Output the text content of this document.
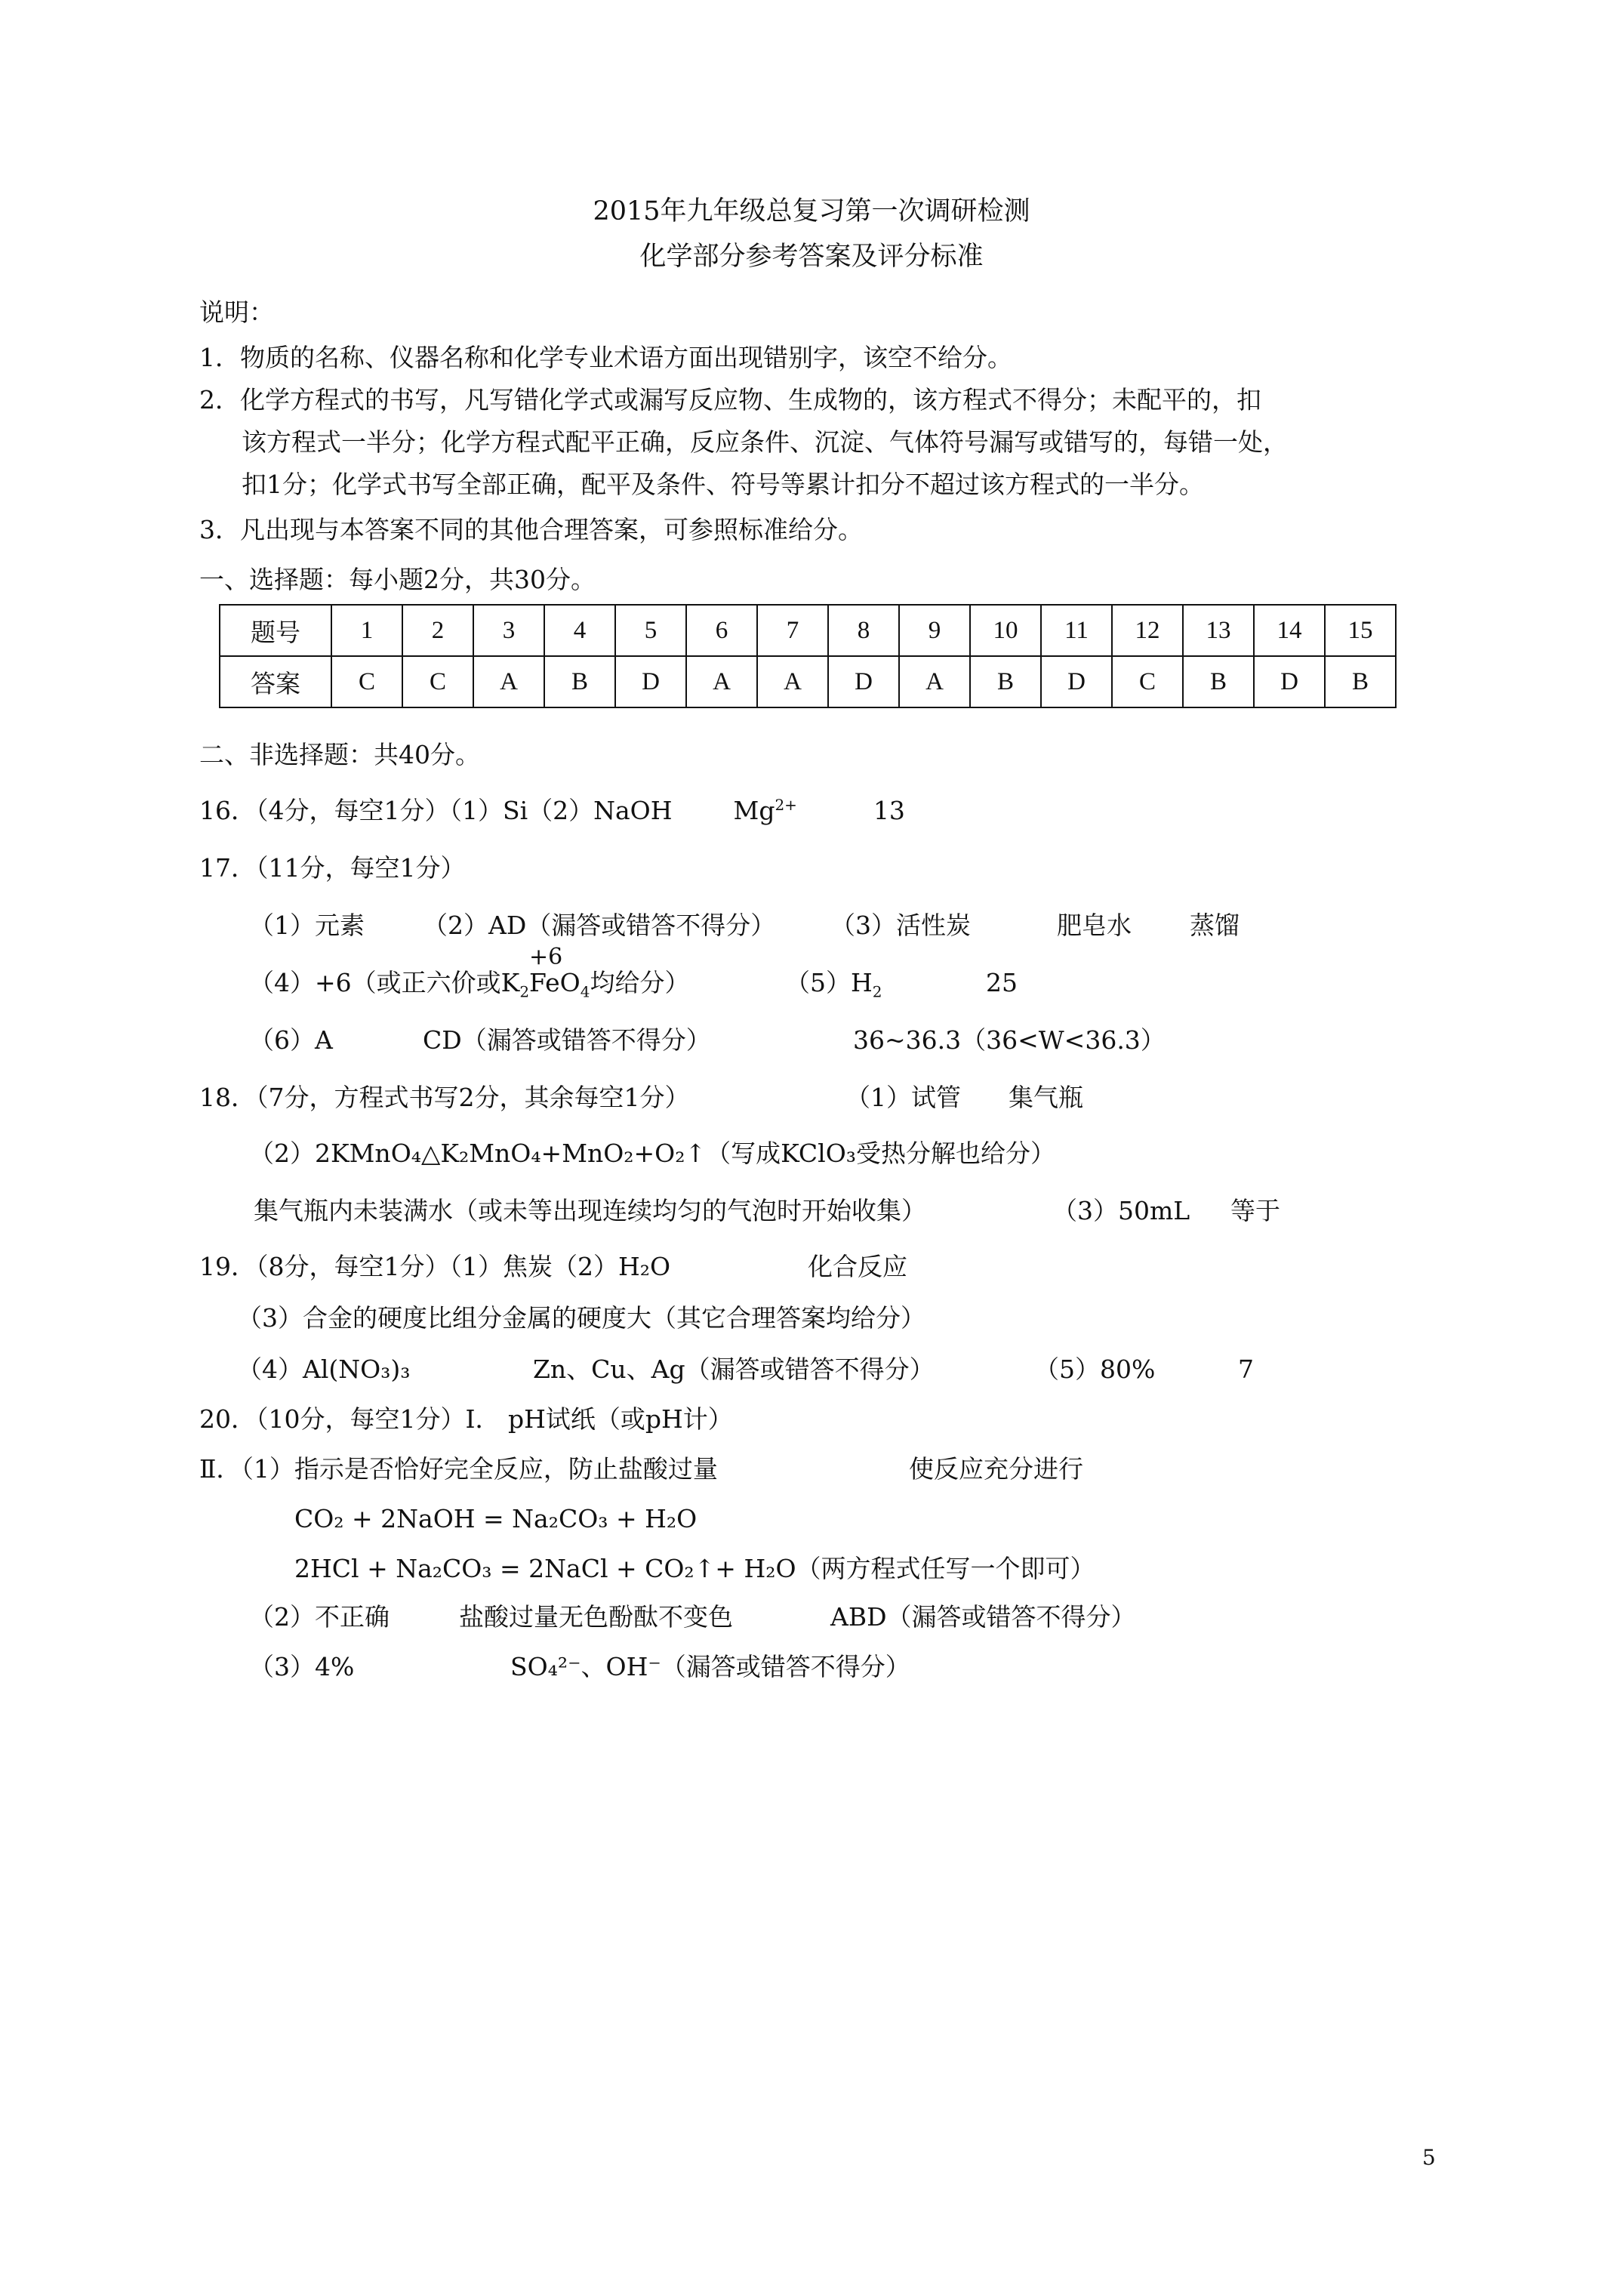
2015年九年级总复习第一次调研检测
化学部分参考答案及评分标准
说明：
1．物质的名称、仪器名称和化学专业术语方面出现错别字，该空不给分。
2．化学方程式的书写，凡写错化学式或漏写反应物、生成物的，该方程式不得分；未配平的，扣
该方程式一半分；化学方程式配平正确，反应条件、沉淀、气体符号漏写或错写的，每错一处，
扣1分；化学式书写全部正确，配平及条件、符号等累计扣分不超过该方程式的一半分。
3．凡出现与本答案不同的其他合理答案，可参照标准给分。
一、选择题：每小题2分，共30分。
题号	1	2	3	4	5	6	7	8	9	10	11	12	13	14	15
答案	C	C	A	B	D	A	A	D	A	B	D	C	B	D	B
二、非选择题：共40分。
16．（4分，每空1分）（1）Si（2）NaOH $Mg^{2+}$	13
17．（11分，每空1分）
（1）元素 （2）AD（漏答或错答不得分） （3）活性炭	肥皂水 蒸馏
（4）+6（或正六价或$K_2$
+6
FeO$_4$均给分）	$(5)H_2$	25
（6）A	CD（漏答或错答不得分）	36~36.3（36<W<36.3）
18．（7分，方程式书写2分，其余每空1分）	（1）试管 集气瓶
（2）2KMnO₄△K₂MnO₄+MnO₂+O₂↑（写成KClO₃受热分解也给分）
集气瓶内未装满水（或未等出现连续均匀的气泡时开始收集）	（3）50mL 等于
19．（8分，每空1分）（1）焦炭（2）H₂O	化合反应
（3）合金的硬度比组分金属的硬度大（其它合理答案均给分）
（4）Al(NO₃)₃	Zn、Cu、Ag（漏答或错答不得分）	（5）80%	7
20．（10分，每空1分）Ⅰ． pH试纸（或pH计）
Ⅱ．（1）指示是否恰好完全反应，防止盐酸过量	使反应充分进行
CO₂ + 2NaOH = Na₂CO₃ + H₂O
2HCl + Na₂CO₃ = 2NaCl + CO₂↑+ H₂O（两方程式任写一个即可）
（2）不正确	盐酸过量无色酚酞不变色	ABD（漏答或错答不得分）
（3）4%	SO₄²⁻、OH⁻（漏答或错答不得分）
5
